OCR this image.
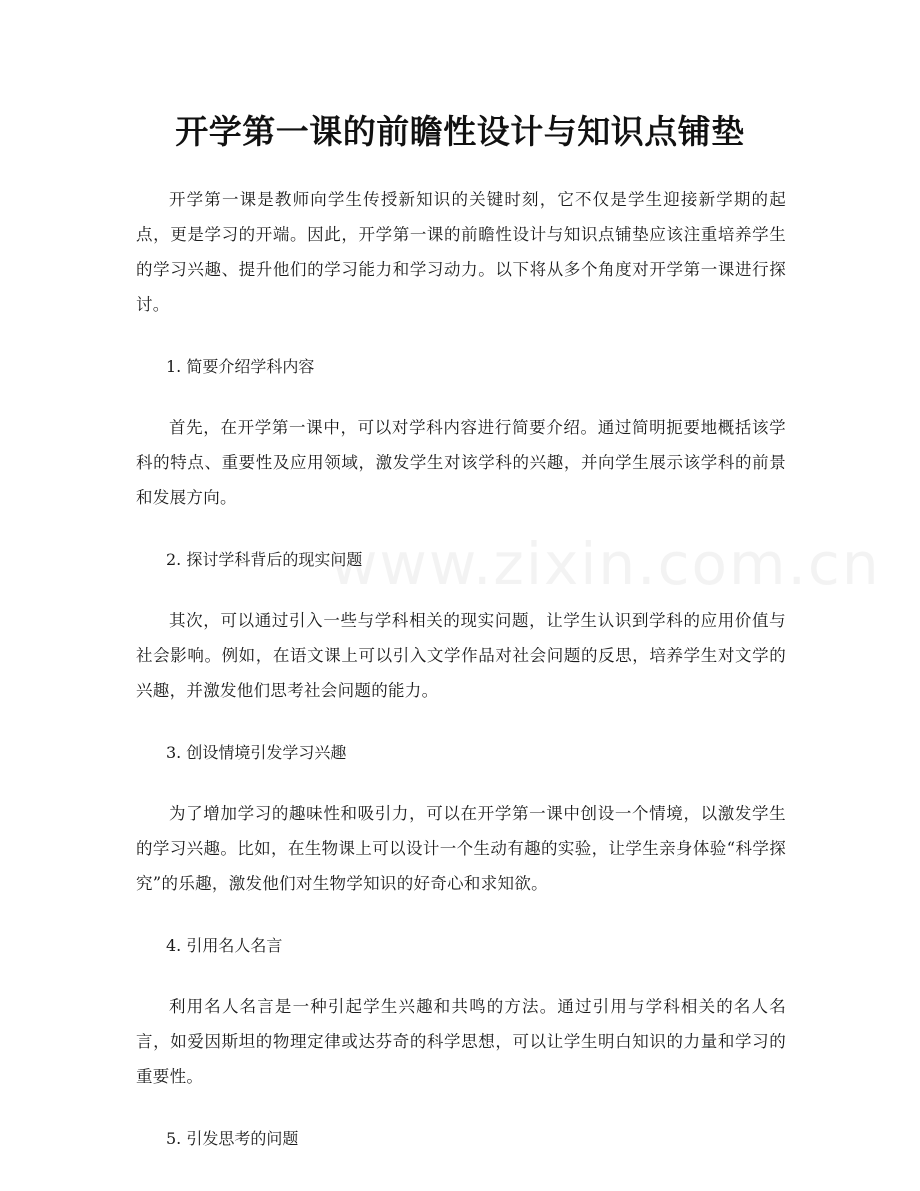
开学第一课的前瞻性设计与知识点铺垫
www.zixin.com.cn

开学第一课是教师向学生传授新知识的关键时刻，它不仅是学生迎接新学期的起点，更是学习的开端。因此，开学第一课的前瞻性设计与知识点铺垫应该注重培养学生的学习兴趣、提升他们的学习能力和学习动力。以下将从多个角度对开学第一课进行探讨。

1. 简要介绍学科内容

首先，在开学第一课中，可以对学科内容进行简要介绍。通过简明扼要地概括该学科的特点、重要性及应用领域，激发学生对该学科的兴趣，并向学生展示该学科的前景和发展方向。

2. 探讨学科背后的现实问题

其次，可以通过引入一些与学科相关的现实问题，让学生认识到学科的应用价值与社会影响。例如，在语文课上可以引入文学作品对社会问题的反思，培养学生对文学的兴趣，并激发他们思考社会问题的能力。

3. 创设情境引发学习兴趣

为了增加学习的趣味性和吸引力，可以在开学第一课中创设一个情境，以激发学生的学习兴趣。比如，在生物课上可以设计一个生动有趣的实验，让学生亲身体验“科学探究”的乐趣，激发他们对生物学知识的好奇心和求知欲。

4. 引用名人名言

利用名人名言是一种引起学生兴趣和共鸣的方法。通过引用与学科相关的名人名言，如爱因斯坦的物理定律或达芬奇的科学思想，可以让学生明白知识的力量和学习的重要性。

5. 引发思考的问题
